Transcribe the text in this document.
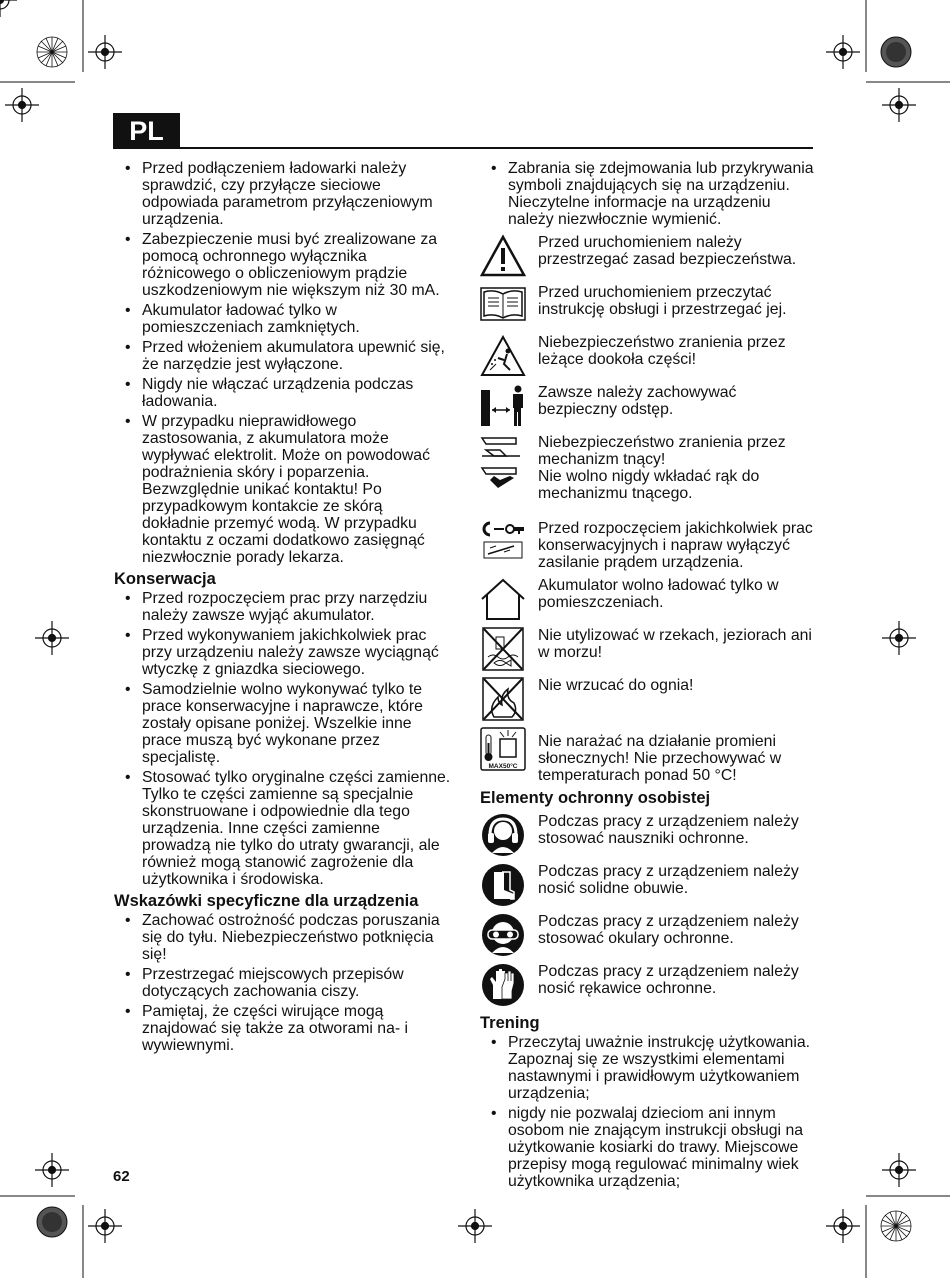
PL
• Przed podłączeniem ładowarki należy sprawdzić, czy przyłącze sieciowe odpowiada parametrom przyłączeniowym urządzenia.
• Zabezpieczenie musi być zrealizowane za pomocą ochronnego wyłącznika różnicowego o obliczeniowym prądzie uszkodzeniowym nie większym niż 30 mA.
• Akumulator ładować tylko w pomieszczeniach zamkniętych.
• Przed włożeniem akumulatora upewnić się, że narzędzie jest wyłączone.
• Nigdy nie włączać urządzenia podczas ładowania.
• W przypadku nieprawidłowego zastosowania, z akumulatora może wypływać elektrolit. Może on powodować podrażnienia skóry i poparzenia. Bezwzględnie unikać kontaktu! Po przypadkowym kontakcie ze skórą dokładnie przemyć wodą. W przypadku kontaktu z oczami dodatkowo zasięgnąć niezwłocznie porady lekarza.
Konserwacja
• Przed rozpoczęciem prac przy narzędziu należy zawsze wyjąć akumulator.
• Przed wykonywaniem jakichkolwiek prac przy urządzeniu należy zawsze wyciągnąć wtyczkę z gniazdka sieciowego.
• Samodzielnie wolno wykonywać tylko te prace konserwacyjne i naprawcze, które zostały opisane poniżej. Wszelkie inne prace muszą być wykonane przez specjalistę.
• Stosować tylko oryginalne części zamienne. Tylko te części zamienne są specjalnie skonstruowane i odpowiednie dla tego urządzenia. Inne części zamienne prowadzą nie tylko do utraty gwarancji, ale również mogą stanowić zagrożenie dla użytkownika i środowiska.
Wskazówki specyficzne dla urządzenia
• Zachować ostrożność podczas poruszania się do tyłu. Niebezpieczeństwo potknięcia się!
• Przestrzegać miejscowych przepisów dotyczących zachowania ciszy.
• Pamiętaj, że części wirujące mogą znajdować się także za otworami na- i wywiewnymi.
• Zabrania się zdejmowania lub przykrywania symboli znajdujących się na urządzeniu. Nieczytelne informacje na urządzeniu należy niezwłocznie wymienić.

Przed uruchomieniem należy przestrzegać zasad bezpieczeństwa.

Przed uruchomieniem przeczytać instrukcję obsługi i przestrzegać jej.

Niebezpieczeństwo zranienia przez leżące dookoła części!

Zawsze należy zachowywać bezpieczny odstęp.

Niebezpieczeństwo zranienia przez mechanizm tnący!

Nie wolno nigdy wkładać rąk do mechanizmu tnącego.

Przed rozpoczęciem jakichkolwiek prac konserwacyjnych i napraw wyłączyć zasilanie prądem urządzenia.

Akumulator wolno ładować tylko w pomieszczeniach.

Nie utylizować w rzekach, jeziorach ani w morzu!

Nie wrzucać do ognia!

MAX50°C

Nie narażać na działanie promieni słonecznych! Nie przechowywać w temperaturach ponad 50 °C!

Elementy ochronny osobistej

Podczas pracy z urządzeniem należy stosować nauszniki ochronne.

Podczas pracy z urządzeniem należy nosić solidne obuwie.

Podczas pracy z urządzeniem należy stosować okulary ochronne.

Podczas pracy z urządzeniem należy nosić rękawice ochronne.

Trening
• Przeczytaj uważnie instrukcję użytkowania. Zapoznaj się ze wszystkimi elementami nastawnymi i prawidłowym użytkowaniem urządzenia;
• nigdy nie pozwalaj dzieciom ani innym osobom nie znającym instrukcji obsługi na użytkowanie kosiarki do trawy. Miejscowe przepisy mogą regulować minimalny wiek użytkownika urządzenia;
62
